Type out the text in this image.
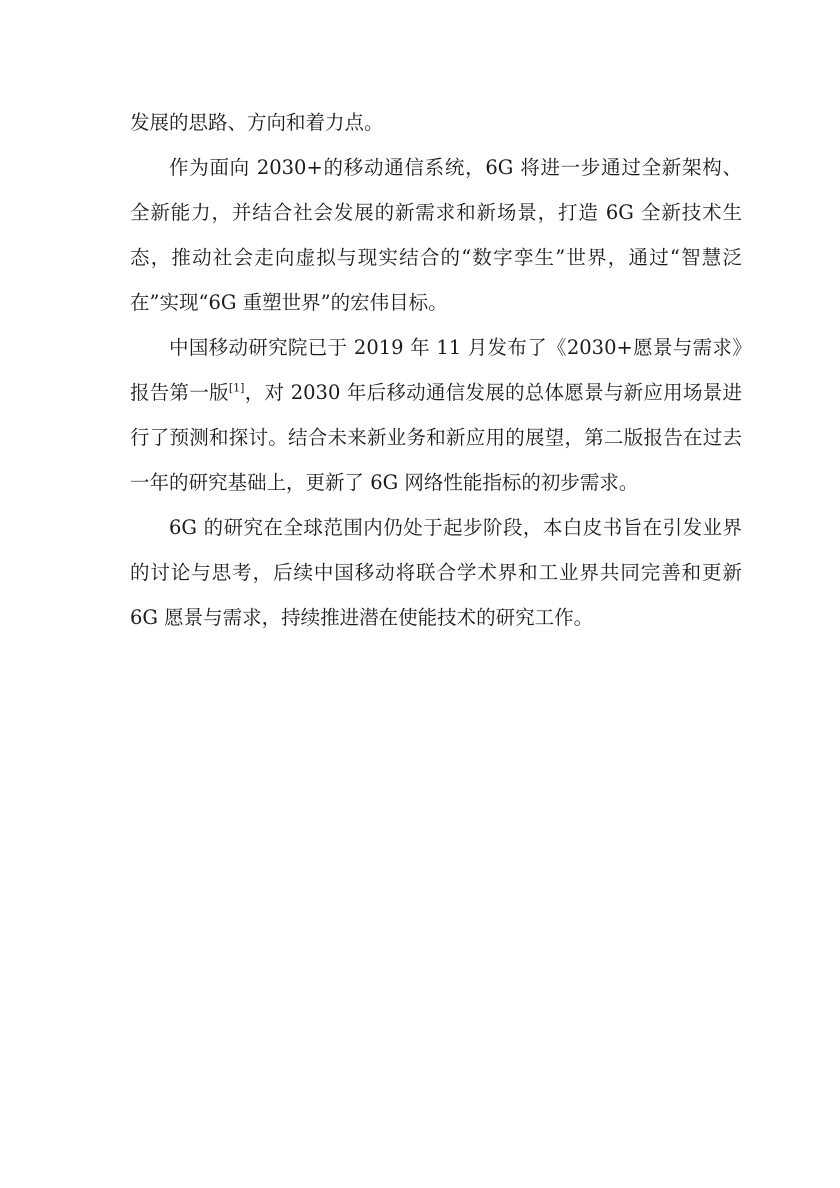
发展的思路、方向和着力点。

作为面向 2030+的移动通信系统，6G 将进一步通过全新架构、全新能力，并结合社会发展的新需求和新场景，打造 6G 全新技术生态，推动社会走向虚拟与现实结合的“数字孪生”世界，通过“智慧泛在”实现“6G 重塑世界”的宏伟目标。

中国移动研究院已于 2019 年 11 月发布了《2030+愿景与需求》报告第一版[1]，对 2030 年后移动通信发展的总体愿景与新应用场景进行了预测和探讨。结合未来新业务和新应用的展望，第二版报告在过去一年的研究基础上，更新了 6G 网络性能指标的初步需求。

6G 的研究在全球范围内仍处于起步阶段，本白皮书旨在引发业界的讨论与思考，后续中国移动将联合学术界和工业界共同完善和更新 6G 愿景与需求，持续推进潜在使能技术的研究工作。
